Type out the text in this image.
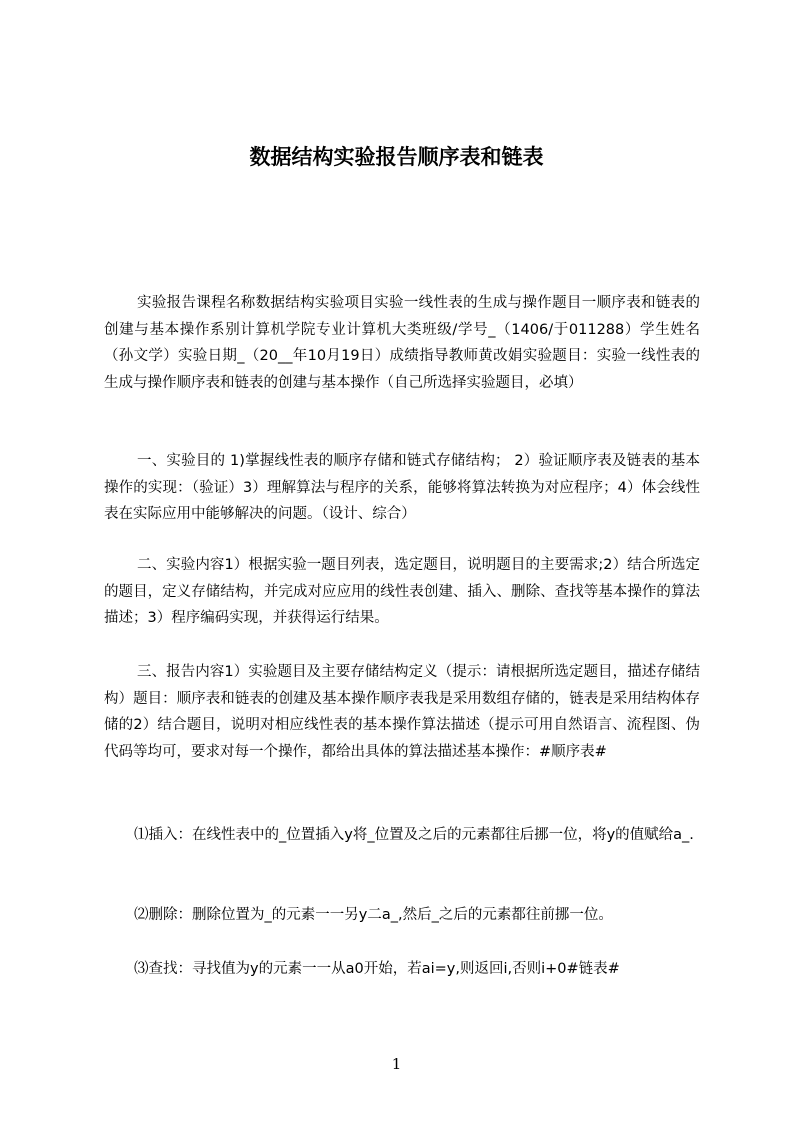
数据结构实验报告顺序表和链表
实验报告课程名称数据结构实验项目实验一线性表的生成与操作题目一顺序表和链表的创建与基本操作系别计算机学院专业计算机大类班级/学号_（1406/于011288）学生姓名（孙文学）实验日期_（20__年10月19日）成绩指导教师黄改娟实验题目：实验一线性表的生成与操作顺序表和链表的创建与基本操作（自己所选择实验题目，必填）
一、实验目的 1)掌握线性表的顺序存储和链式存储结构； 2）验证顺序表及链表的基本操作的实现：（验证）3）理解算法与程序的关系，能够将算法转换为对应程序；4）体会线性表在实际应用中能够解决的问题。（设计、综合）
二、实验内容1）根据实验一题目列表，选定题目，说明题目的主要需求;2）结合所选定的题目，定义存储结构，并完成对应应用的线性表创建、插入、删除、查找等基本操作的算法描述；3）程序编码实现，并获得运行结果。
三、报告内容1）实验题目及主要存储结构定义（提示：请根据所选定题目，描述存储结构）题目：顺序表和链表的创建及基本操作顺序表我是采用数组存储的，链表是采用结构体存储的2）结合题目，说明对相应线性表的基本操作算法描述（提示可用自然语言、流程图、伪代码等均可，要求对每一个操作，都给出具体的算法描述基本操作：#顺序表#
⑴插入：在线性表中的_位置插入y将_位置及之后的元素都往后挪一位，将y的值赋给a_.
⑵删除：删除位置为_的元素一一另y二a_,然后_之后的元素都往前挪一位。
⑶查找：寻找值为y的元素一一从a0开始，若ai=y,则返回i,否则i+0#链表#
1
